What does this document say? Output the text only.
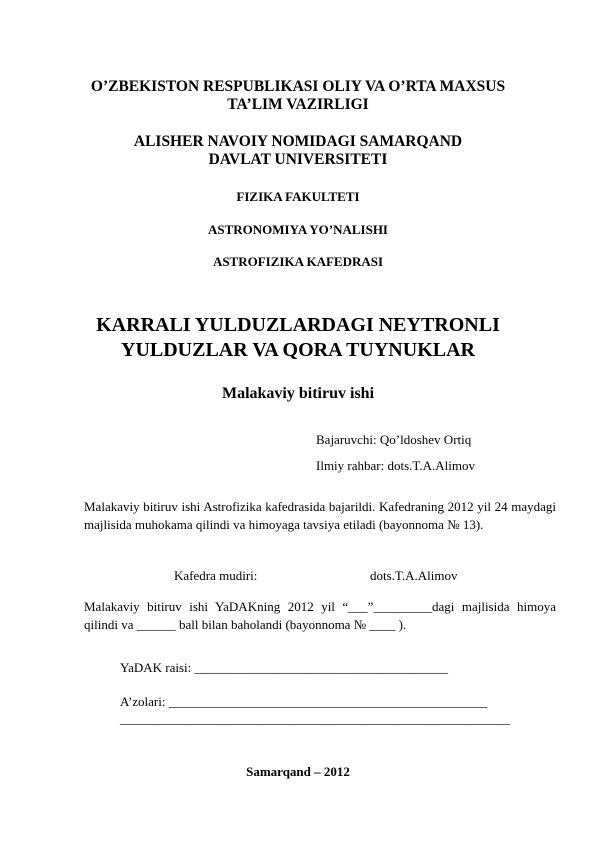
O’ZBEKISTON RESPUBLIKASI OLIY VA O’RTA MAXSUS
TA’LIM VAZIRLIGI
ALISHER NAVOIY NOMIDAGI SAMARQAND
DAVLAT UNIVERSITETI
FIZIKA FAKULTETI
ASTRONOMIYA YO’NALISHI
ASTROFIZIKA KAFEDRASI
KARRALI YULDUZLARDAGI NEYTRONLI
YULDUZLAR VA QORA TUYNUKLAR
Malakaviy bitiruv ishi
Bajaruvchi: Qo’ldoshev Ortiq
Ilmiy rahbar: dots.T.A.Alimov
Malakaviy bitiruv ishi Astrofizika kafedrasida bajarildi. Kafedraning 2012 yil 24 maydagi majlisida muhokama qilindi va himoyaga tavsiya etiladi (bayonnoma № 13).
Kafedra mudiri:	dots.T.A.Alimov
Malakaviy bitiruv ishi YaDAKning 2012 yil “___”_________dagi majlisida himoya qilindi va ______ ball bilan baholandi (bayonnoma № ____ ).
YaDAK raisi: _______________________________________
A’zolari: _________________________________________________
____________________________________________________________
Samarqand – 2012
